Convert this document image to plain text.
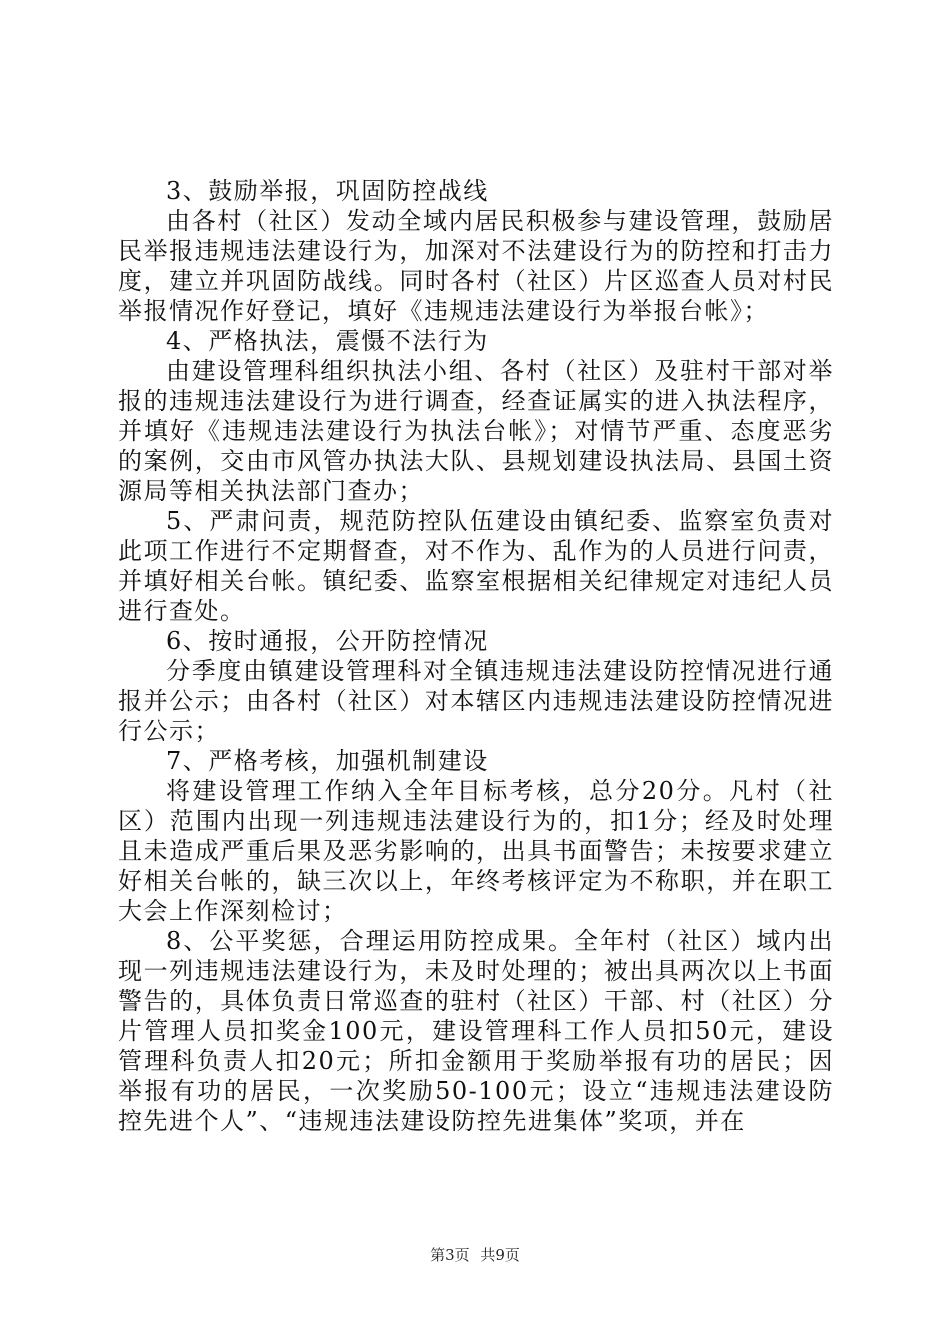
3、鼓励举报，巩固防控战线

由各村（社区）发动全域内居民积极参与建设管理，鼓励居民举报违规违法建设行为，加深对不法建设行为的防控和打击力度，建立并巩固防战线。同时各村（社区）片区巡查人员对村民举报情况作好登记，填好《违规违法建设行为举报台帐》；

4、严格执法，震慑不法行为

由建设管理科组织执法小组、各村（社区）及驻村干部对举报的违规违法建设行为进行调查，经查证属实的进入执法程序，并填好《违规违法建设行为执法台帐》；对情节严重、态度恶劣的案例，交由市风管办执法大队、县规划建设执法局、县国土资源局等相关执法部门查办；

5、严肃问责，规范防控队伍建设由镇纪委、监察室负责对此项工作进行不定期督查，对不作为、乱作为的人员进行问责，并填好相关台帐。镇纪委、监察室根据相关纪律规定对违纪人员进行查处。

6、按时通报，公开防控情况

分季度由镇建设管理科对全镇违规违法建设防控情况进行通报并公示；由各村（社区）对本辖区内违规违法建设防控情况进行公示；

7、严格考核，加强机制建设

将建设管理工作纳入全年目标考核，总分20分。凡村（社区）范围内出现一列违规违法建设行为的，扣1分；经及时处理且未造成严重后果及恶劣影响的，出具书面警告；未按要求建立好相关台帐的，缺三次以上，年终考核评定为不称职，并在职工大会上作深刻检讨；

8、公平奖惩，合理运用防控成果。全年村（社区）域内出现一列违规违法建设行为，未及时处理的；被出具两次以上书面警告的，具体负责日常巡查的驻村（社区）干部、村（社区）分片管理人员扣奖金100元，建设管理科工作人员扣50元，建设管理科负责人扣20元；所扣金额用于奖励举报有功的居民；因举报有功的居民，一次奖励50-100元；设立“违规违法建设防控先进个人”、“违规违法建设防控先进集体”奖项，并在

第3页 共9页
